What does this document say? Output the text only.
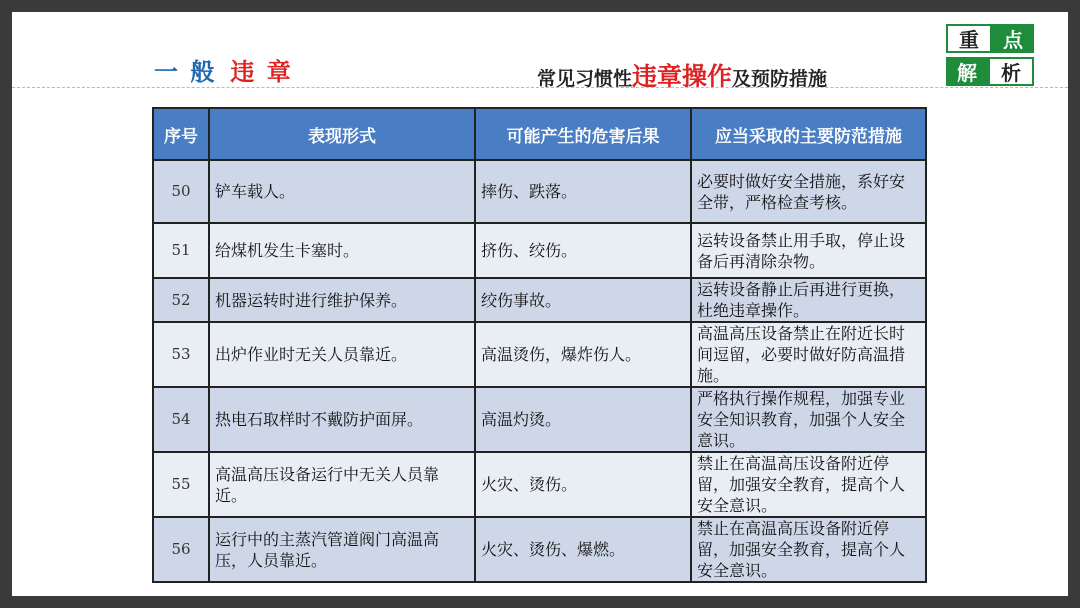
一 般 违 章	常见习惯性违章操作及预防措施
重	点
解	析
序号	表现形式	可能产生的危害后果	应当采取的主要防范措施
50	铲车载人。	摔伤、跌落。	必要时做好安全措施，系好安全带，严格检查考核。
51	给煤机发生卡塞时。	挤伤、绞伤。	运转设备禁止用手取，停止设备后再清除杂物。
52	机器运转时进行维护保养。	绞伤事故。	运转设备静止后再进行更换，杜绝违章操作。
53	出炉作业时无关人员靠近。	高温烫伤，爆炸伤人。	高温高压设备禁止在附近长时间逗留，必要时做好防高温措施。
54	热电石取样时不戴防护面屏。	高温灼烫。	严格执行操作规程，加强专业安全知识教育，加强个人安全意识。
55	高温高压设备运行中无关人员靠近。	火灾、烫伤。	禁止在高温高压设备附近停留，加强安全教育，提高个人安全意识。
56	运行中的主蒸汽管道阀门高温高压，人员靠近。	火灾、烫伤、爆燃。	禁止在高温高压设备附近停留，加强安全教育，提高个人安全意识。
